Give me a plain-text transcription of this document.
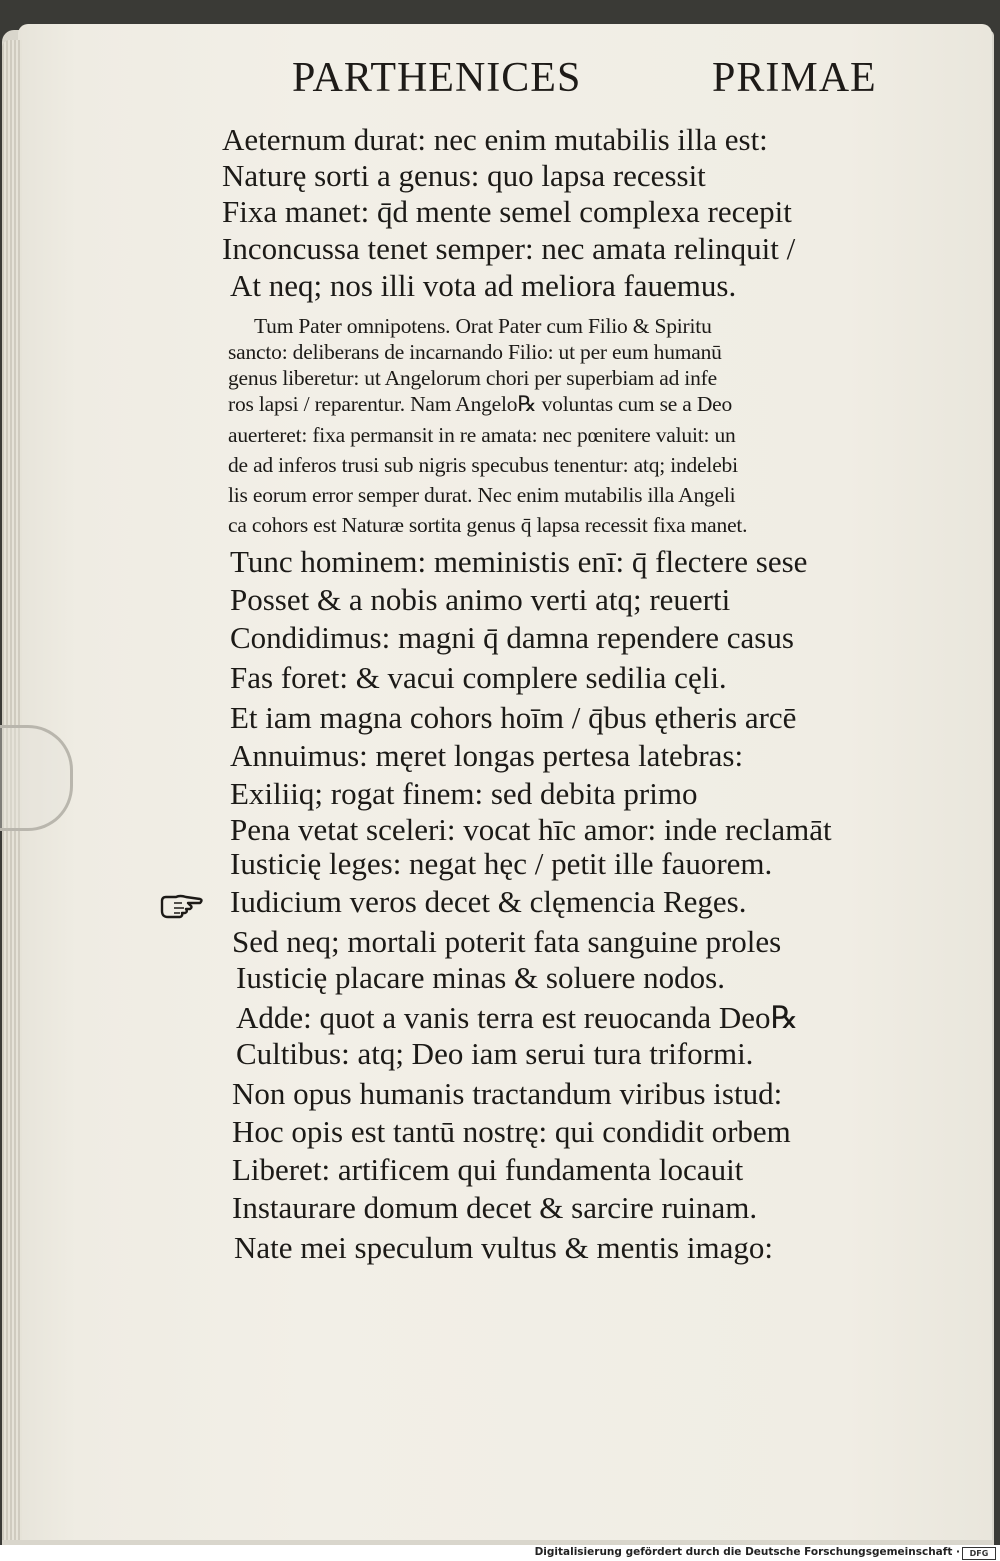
PARTHENICES	PRIMAE
Aeternum durat: nec enim mutabilis illa est:
Naturę sorti a genus: quo lapsa recessit
Fixa manet: q̄d mente semel complexa recepit
Inconcussa tenet semper: nec amata relinquit /
At neq; nos illi vota ad meliora fauemus.
Tum Pater omnipotens. Orat Pater cum Filio & Spiritu
sancto: deliberans de incarnando Filio: ut per eum humanū
genus liberetur: ut Angelorum chori per superbiam ad infe
ros lapsi / reparentur. Nam Angelo℞ voluntas cum se a Deo
auerteret: fixa permansit in re amata: nec pœnitere valuit: un
de ad inferos trusi sub nigris specubus tenentur: atq; indelebi
lis eorum error semper durat. Nec enim mutabilis illa Angeli
ca cohors est Naturæ sortita genus q̄ lapsa recessit fixa manet.
Tunc hominem: meministis enī: q̄ flectere sese
Posset & a nobis animo verti atq; reuerti
Condidimus: magni q̄ damna rependere casus
Fas foret: & vacui complere sedilia cęli.
Et iam magna cohors hoīm / q̄bus ętheris arcē
Annuimus: męret longas pertesa latebras:
Exiliiq; rogat finem: sed debita primo
Pena vetat sceleri: vocat hīc amor: inde reclamāt
Iusticię leges: negat hęc / petit ille fauorem.
Iudicium veros decet & clęmencia Reges.
Sed neq; mortali poterit fata sanguine proles
Iusticię placare minas & soluere nodos.
Adde: quot a vanis terra est reuocanda Deo℞
Cultibus: atq; Deo iam serui tura triformi.
Non opus humanis tractandum viribus istud:
Hoc opis est tantū nostrę: qui condidit orbem
Liberet: artificem qui fundamenta locauit
Instaurare domum decet & sarcire ruinam.
Nate mei speculum vultus & mentis imago:
Digitalisierung gefördert durch die Deutsche Forschungsgemeinschaft ·	DFG
